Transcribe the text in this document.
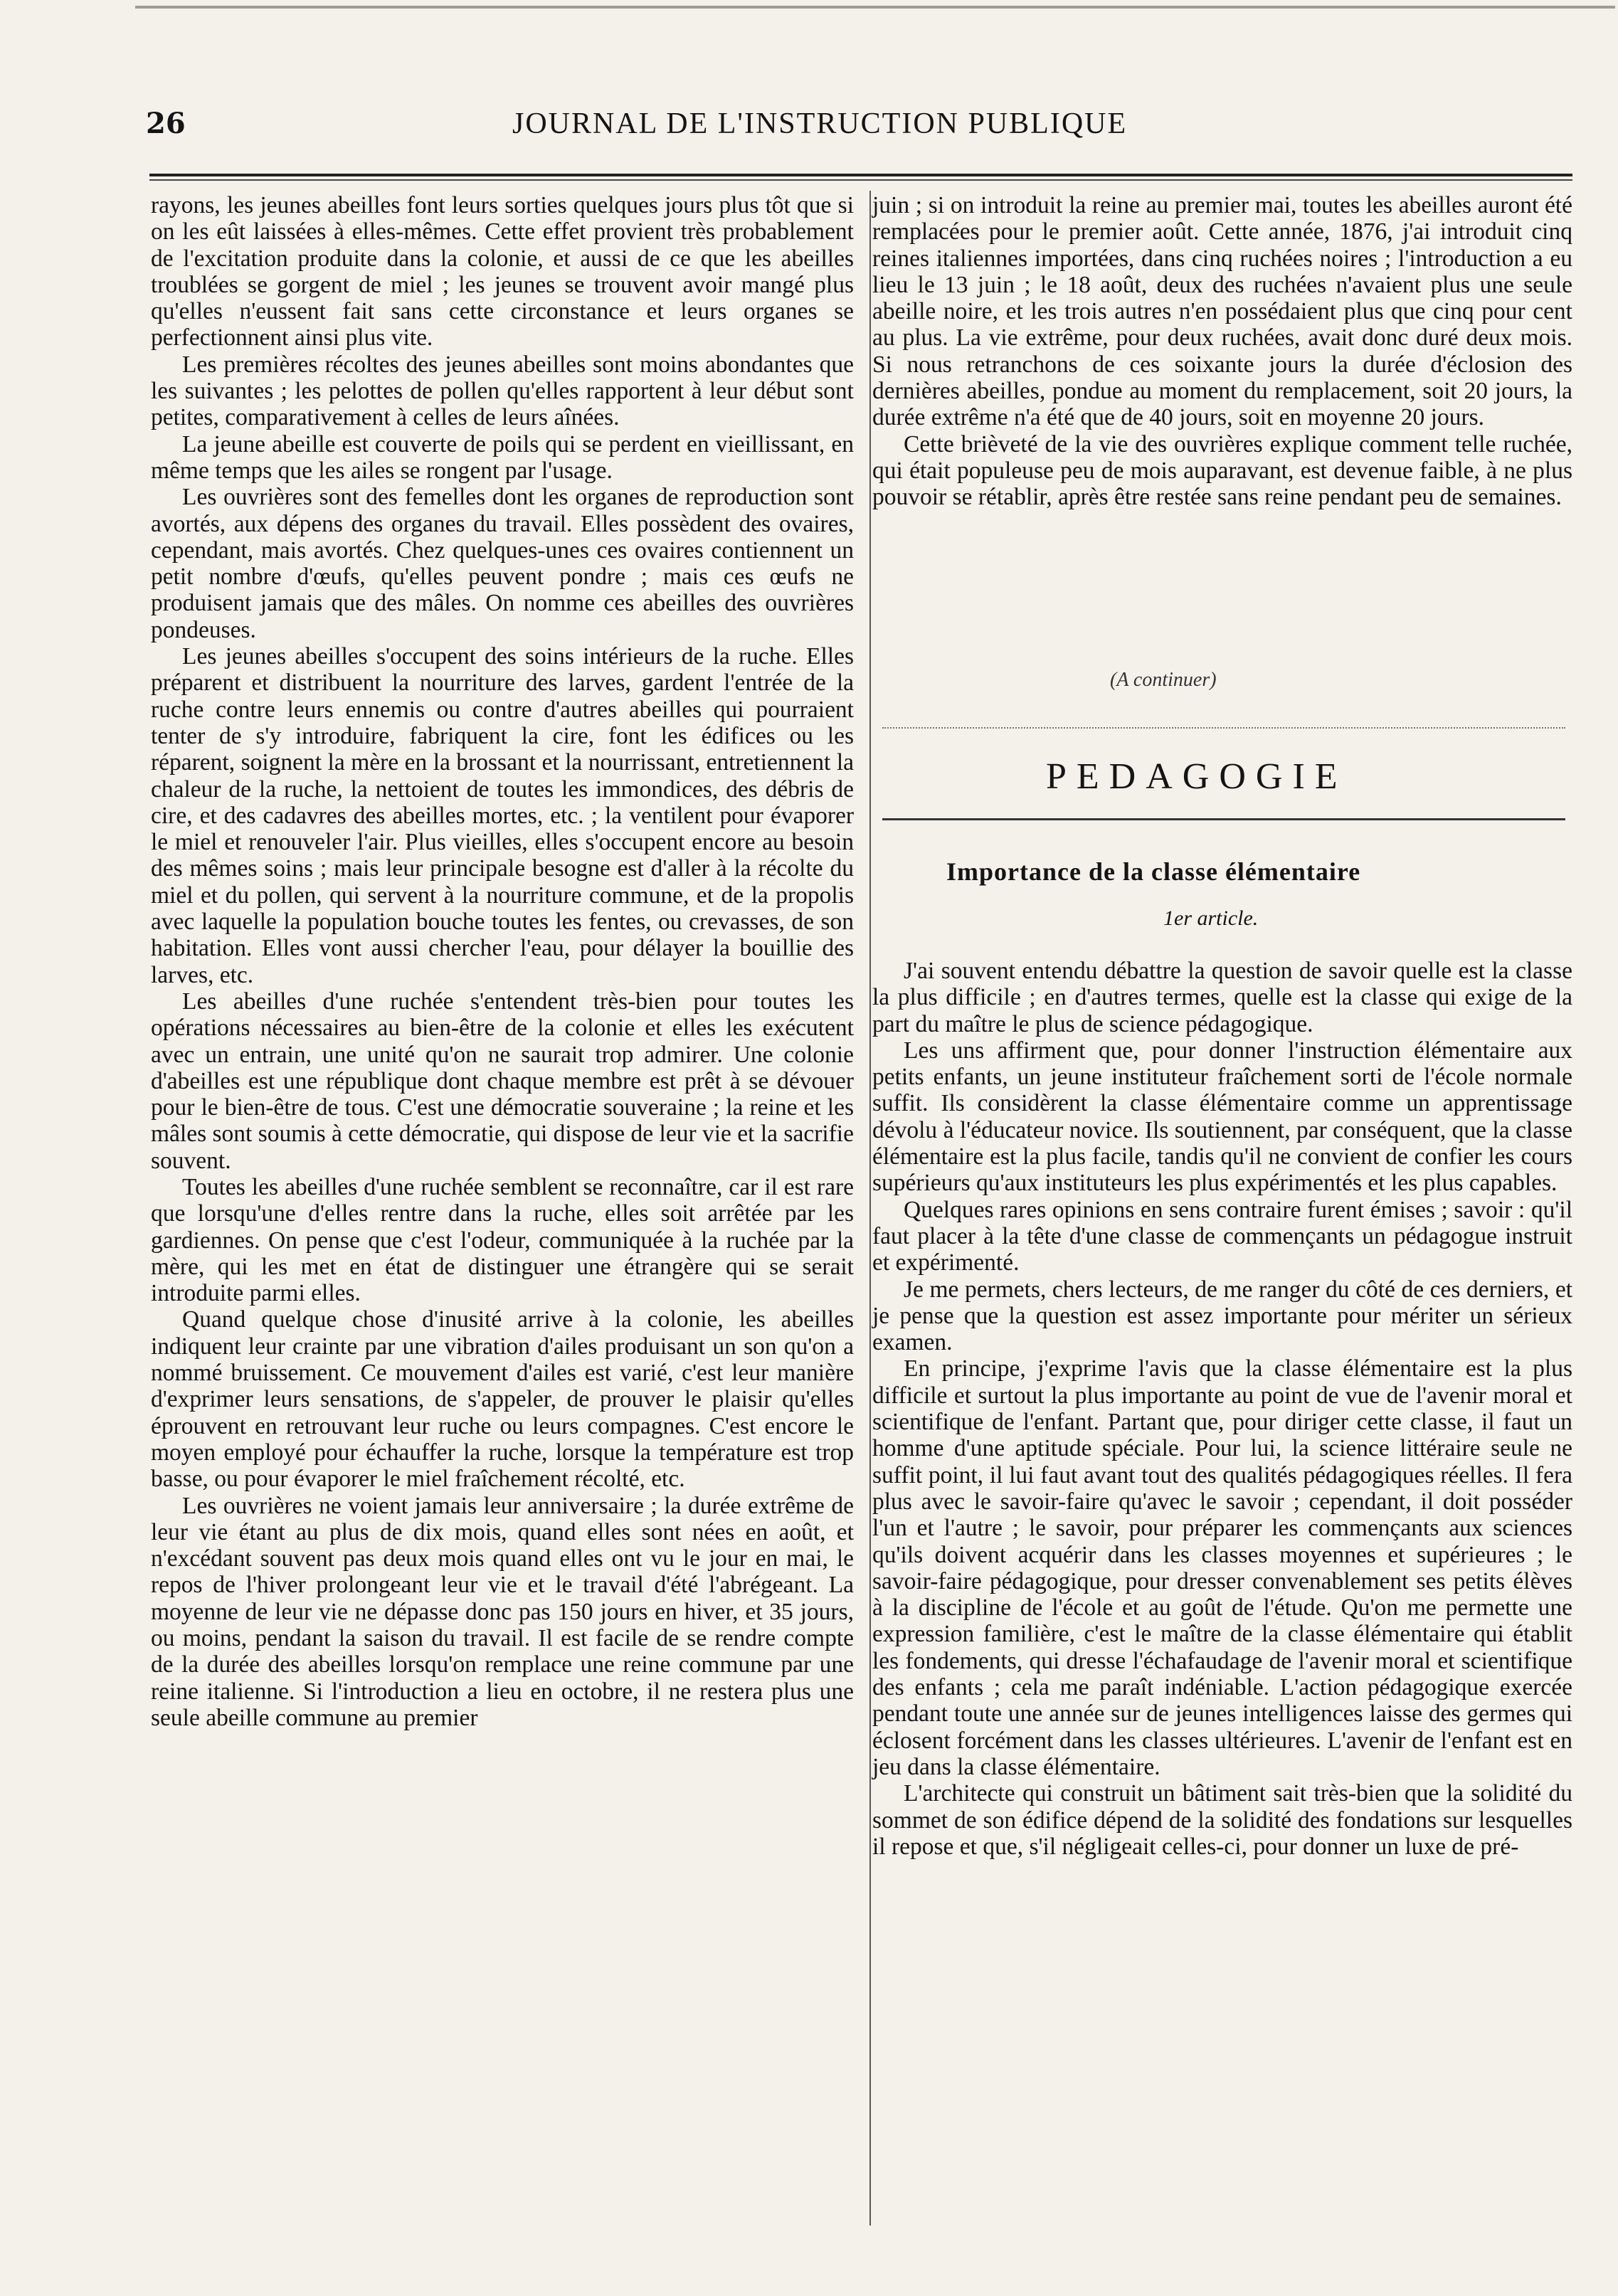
26	JOURNAL DE L'INSTRUCTION PUBLIQUE

rayons, les jeunes abeilles font leurs sorties quelques jours plus tôt que si on les eût laissées à elles-mêmes. Cette effet provient très probablement de l'excitation produite dans la colonie, et aussi de ce que les abeilles troublées se gorgent de miel ; les jeunes se trouvent avoir mangé plus qu'elles n'eussent fait sans cette circonstance et leurs organes se perfectionnent ainsi plus vite.

Les premières récoltes des jeunes abeilles sont moins abondantes que les suivantes ; les pelottes de pollen qu'elles rapportent à leur début sont petites, comparativement à celles de leurs aînées.

La jeune abeille est couverte de poils qui se perdent en vieillissant, en même temps que les ailes se rongent par l'usage.

Les ouvrières sont des femelles dont les organes de reproduction sont avortés, aux dépens des organes du travail. Elles possèdent des ovaires, cependant, mais avortés. Chez quelques-unes ces ovaires contiennent un petit nombre d'œufs, qu'elles peuvent pondre ; mais ces œufs ne produisent jamais que des mâles. On nomme ces abeilles des ouvrières pondeuses.

Les jeunes abeilles s'occupent des soins intérieurs de la ruche. Elles préparent et distribuent la nourriture des larves, gardent l'entrée de la ruche contre leurs ennemis ou contre d'autres abeilles qui pourraient tenter de s'y introduire, fabriquent la cire, font les édifices ou les réparent, soignent la mère en la brossant et la nourrissant, entretiennent la chaleur de la ruche, la nettoient de toutes les immondices, des débris de cire, et des cadavres des abeilles mortes, etc. ; la ventilent pour évaporer le miel et renouveler l'air. Plus vieilles, elles s'occupent encore au besoin des mêmes soins ; mais leur principale besogne est d'aller à la récolte du miel et du pollen, qui servent à la nourriture commune, et de la propolis avec laquelle la population bouche toutes les fentes, ou crevasses, de son habitation. Elles vont aussi chercher l'eau, pour délayer la bouillie des larves, etc.

Les abeilles d'une ruchée s'entendent très-bien pour toutes les opérations nécessaires au bien-être de la colonie et elles les exécutent avec un entrain, une unité qu'on ne saurait trop admirer. Une colonie d'abeilles est une république dont chaque membre est prêt à se dévouer pour le bien-être de tous. C'est une démocratie souveraine ; la reine et les mâles sont soumis à cette démocratie, qui dispose de leur vie et la sacrifie souvent.

Toutes les abeilles d'une ruchée semblent se reconnaître, car il est rare que lorsqu'une d'elles rentre dans la ruche, elles soit arrêtée par les gardiennes. On pense que c'est l'odeur, communiquée à la ruchée par la mère, qui les met en état de distinguer une étrangère qui se serait introduite parmi elles.

Quand quelque chose d'inusité arrive à la colonie, les abeilles indiquent leur crainte par une vibration d'ailes produisant un son qu'on a nommé bruissement. Ce mouvement d'ailes est varié, c'est leur manière d'exprimer leurs sensations, de s'appeler, de prouver le plaisir qu'elles éprouvent en retrouvant leur ruche ou leurs compagnes. C'est encore le moyen employé pour échauffer la ruche, lorsque la température est trop basse, ou pour évaporer le miel fraîchement récolté, etc.

Les ouvrières ne voient jamais leur anniversaire ; la durée extrême de leur vie étant au plus de dix mois, quand elles sont nées en août, et n'excédant souvent pas deux mois quand elles ont vu le jour en mai, le repos de l'hiver prolongeant leur vie et le travail d'été l'abrégeant. La moyenne de leur vie ne dépasse donc pas 150 jours en hiver, et 35 jours, ou moins, pendant la saison du travail. Il est facile de se rendre compte de la durée des abeilles lorsqu'on remplace une reine commune par une reine italienne. Si l'introduction a lieu en octobre, il ne restera plus une seule abeille commune au premier

juin ; si on introduit la reine au premier mai, toutes les abeilles auront été remplacées pour le premier août. Cette année, 1876, j'ai introduit cinq reines italiennes importées, dans cinq ruchées noires ; l'introduction a eu lieu le 13 juin ; le 18 août, deux des ruchées n'avaient plus une seule abeille noire, et les trois autres n'en possédaient plus que cinq pour cent au plus. La vie extrême, pour deux ruchées, avait donc duré deux mois. Si nous retranchons de ces soixante jours la durée d'éclosion des dernières abeilles, pondue au moment du remplacement, soit 20 jours, la durée extrême n'a été que de 40 jours, soit en moyenne 20 jours.

Cette brièveté de la vie des ouvrières explique comment telle ruchée, qui était populeuse peu de mois auparavant, est devenue faible, à ne plus pouvoir se rétablir, après être restée sans reine pendant peu de semaines.

(A continuer)
PEDAGOGIE
Importance de la classe élémentaire
1er article.

J'ai souvent entendu débattre la question de savoir quelle est la classe la plus difficile ; en d'autres termes, quelle est la classe qui exige de la part du maître le plus de science pédagogique.

Les uns affirment que, pour donner l'instruction élémentaire aux petits enfants, un jeune instituteur fraîchement sorti de l'école normale suffit. Ils considèrent la classe élémentaire comme un apprentissage dévolu à l'éducateur novice. Ils soutiennent, par conséquent, que la classe élémentaire est la plus facile, tandis qu'il ne convient de confier les cours supérieurs qu'aux instituteurs les plus expérimentés et les plus capables.

Quelques rares opinions en sens contraire furent émises ; savoir : qu'il faut placer à la tête d'une classe de commençants un pédagogue instruit et expérimenté.

Je me permets, chers lecteurs, de me ranger du côté de ces derniers, et je pense que la question est assez importante pour mériter un sérieux examen.

En principe, j'exprime l'avis que la classe élémentaire est la plus difficile et surtout la plus importante au point de vue de l'avenir moral et scientifique de l'enfant. Partant que, pour diriger cette classe, il faut un homme d'une aptitude spéciale. Pour lui, la science littéraire seule ne suffit point, il lui faut avant tout des qualités pédagogiques réelles. Il fera plus avec le savoir-faire qu'avec le savoir ; cependant, il doit posséder l'un et l'autre ; le savoir, pour préparer les commençants aux sciences qu'ils doivent acquérir dans les classes moyennes et supérieures ; le savoir-faire pédagogique, pour dresser convenablement ses petits élèves à la discipline de l'école et au goût de l'étude. Qu'on me permette une expression familière, c'est le maître de la classe élémentaire qui établit les fondements, qui dresse l'échafaudage de l'avenir moral et scientifique des enfants ; cela me paraît indéniable. L'action pédagogique exercée pendant toute une année sur de jeunes intelligences laisse des germes qui éclosent forcément dans les classes ultérieures. L'avenir de l'enfant est en jeu dans la classe élémentaire.

L'architecte qui construit un bâtiment sait très-bien que la solidité du sommet de son édifice dépend de la solidité des fondations sur lesquelles il repose et que, s'il négligeait celles-ci, pour donner un luxe de pré-
